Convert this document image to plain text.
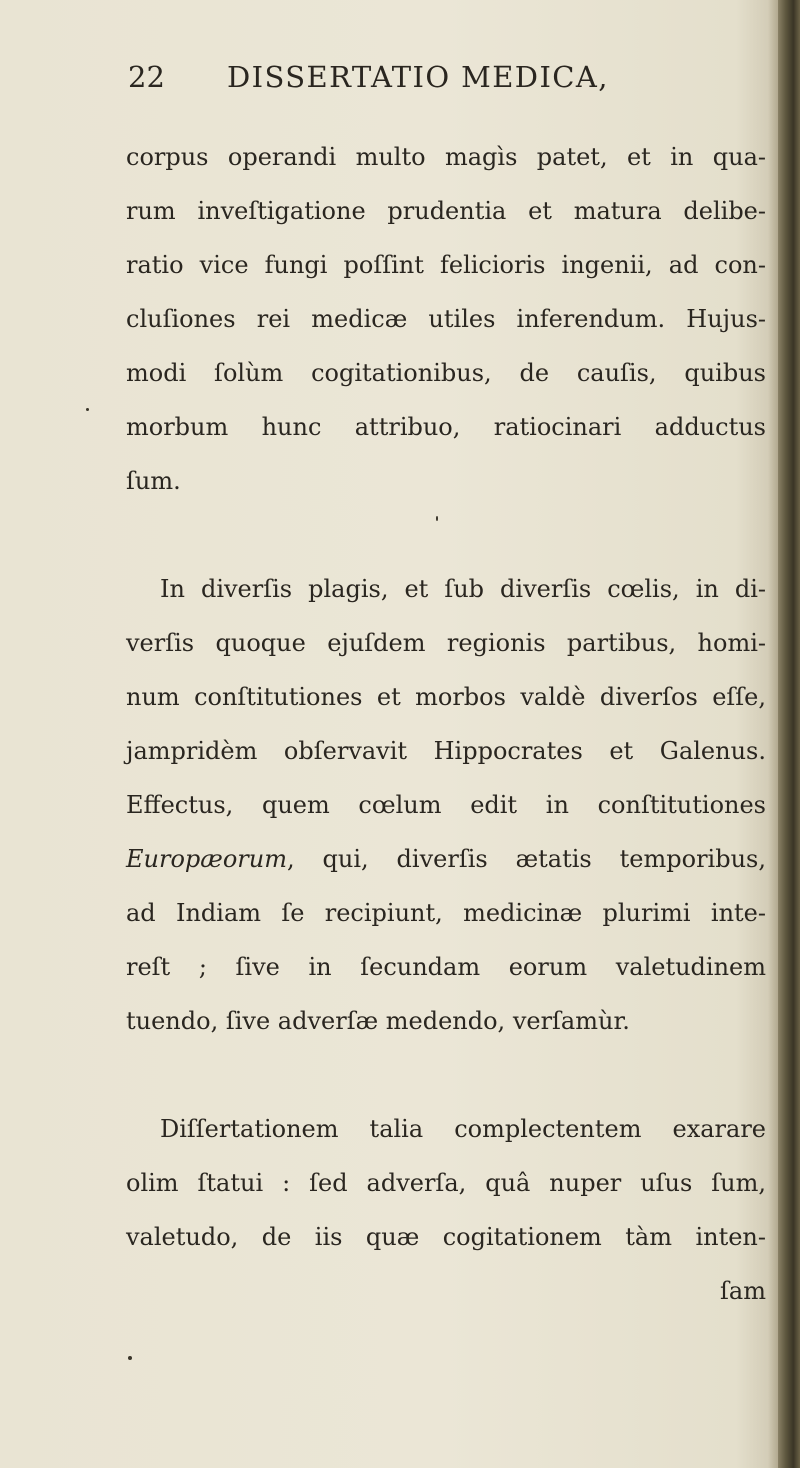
22 DISSERTATIO MEDICA,
corpus operandi multo magìs patet, et in qua-
rum inveſtigatione prudentia et matura delibe-
ratio vice fungi poſſint felicioris ingenii, ad con-
cluſiones rei medicæ utiles inferendum. Hujus-
modi ſolùm cogitationibus, de cauſis, quibus
morbum hunc attribuo, ratiocinari adductus
ſum.
In diverſis plagis, et ſub diverſis cœlis, in di-
verſis quoque ejuſdem regionis partibus, homi-
num conſtitutiones et morbos valdè diverſos eſſe,
jampridèm obſervavit Hippocrates et Galenus.
Effectus, quem cœlum edit in conſtitutiones
Europæorum, qui, diverſis ætatis temporibus,
ad Indiam ſe recipiunt, medicinæ plurimi inte-
reſt ; ſive in ſecundam eorum valetudinem
tuendo, ſive adverſæ medendo, verſamùr.
Diſſertationem talia complectentem exarare
olim ſtatui : ſed adverſa, quâ nuper uſus ſum,
valetudo, de iis quæ cogitationem tàm inten-
ſam
